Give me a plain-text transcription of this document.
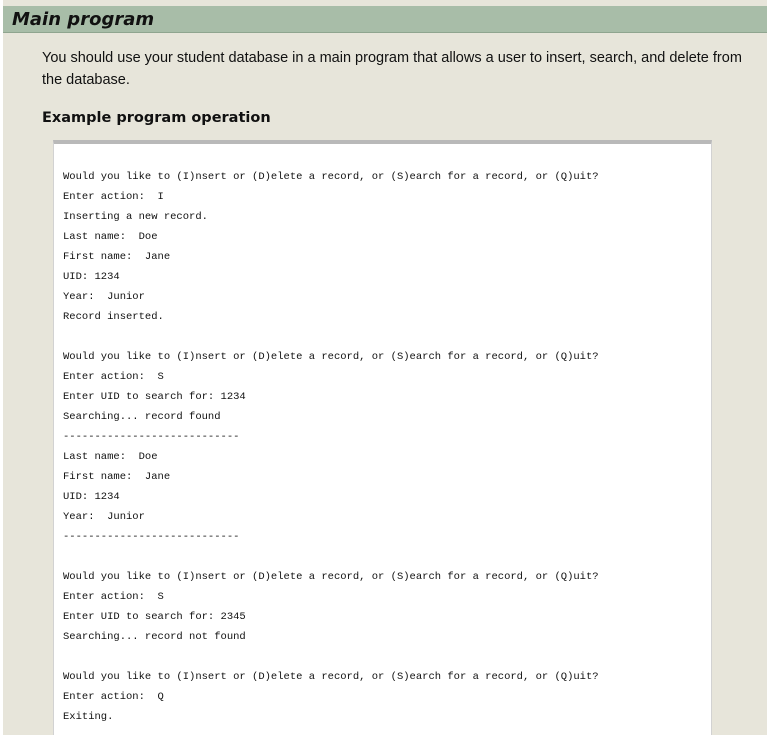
Main program

You should use your student database in a main program that allows a user to insert, search, and delete from the database.

Example program operation
Would you like to (I)nsert or (D)elete a record, or (S)earch for a record, or (Q)uit?
Enter action:  I
Inserting a new record.
Last name:  Doe
First name:  Jane
UID: 1234
Year:  Junior
Record inserted.
Would you like to (I)nsert or (D)elete a record, or (S)earch for a record, or (Q)uit?
Enter action:  S
Enter UID to search for: 1234
Searching... record found
----------------------------
Last name:  Doe
First name:  Jane
UID: 1234
Year:  Junior
----------------------------
Would you like to (I)nsert or (D)elete a record, or (S)earch for a record, or (Q)uit?
Enter action:  S
Enter UID to search for: 2345
Searching... record not found
Would you like to (I)nsert or (D)elete a record, or (S)earch for a record, or (Q)uit?
Enter action:  Q
Exiting.
